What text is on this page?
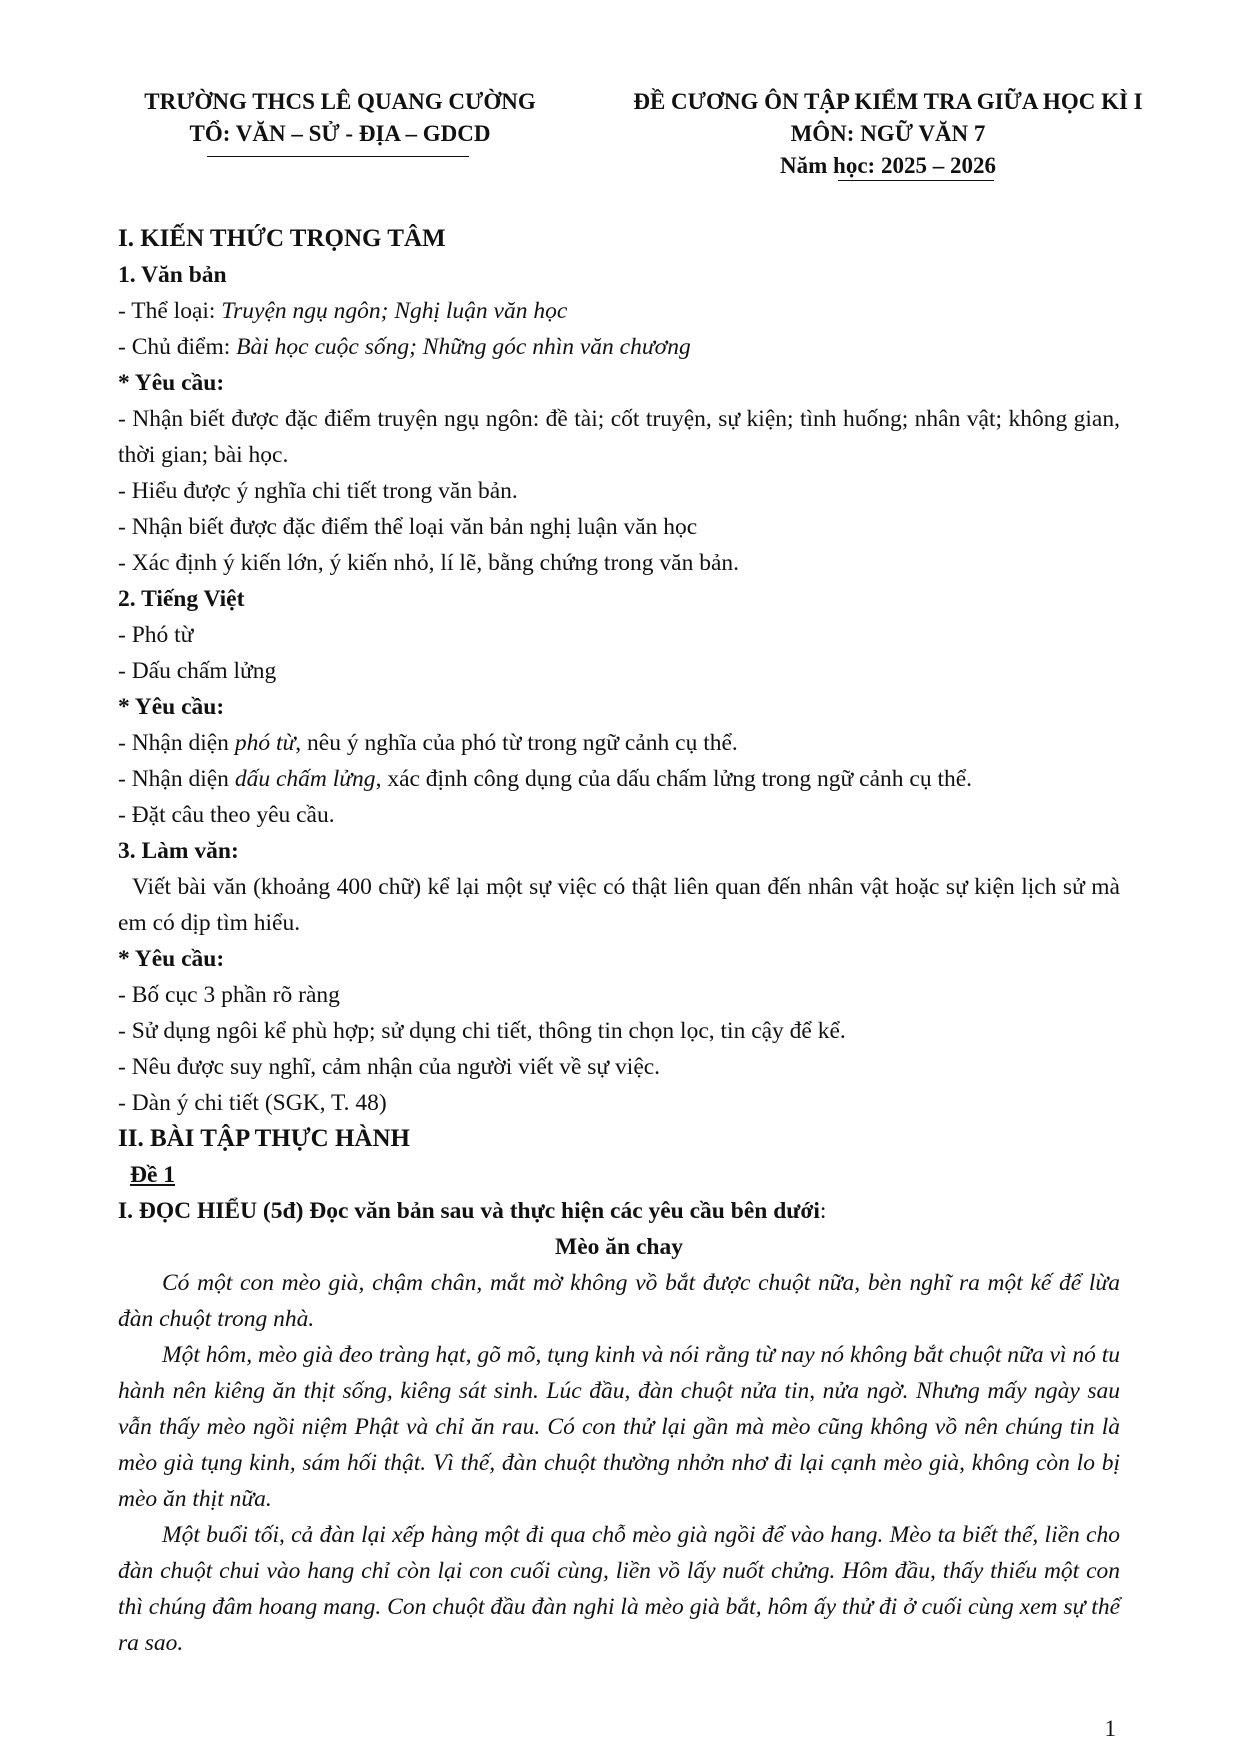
TRƯỜNG THCS LÊ QUANG CƯỜNG
TỔ: VĂN – SỬ - ĐỊA – GDCD
ĐỀ CƯƠNG ÔN TẬP KIỂM TRA GIỮA HỌC KÌ I
MÔN: NGỮ VĂN 7
Năm học: 2025 – 2026
I. KIẾN THỨC TRỌNG TÂM
1. Văn bản
- Thể loại: Truyện ngụ ngôn; Nghị luận văn học
- Chủ điểm: Bài học cuộc sống; Những góc nhìn văn chương
* Yêu cầu:
- Nhận biết được đặc điểm truyện ngụ ngôn: đề tài; cốt truyện, sự kiện; tình huống; nhân vật; không gian, thời gian; bài học.
- Hiểu được ý nghĩa chi tiết trong văn bản.
- Nhận biết được đặc điểm thể loại văn bản nghị luận văn học
- Xác định ý kiến lớn, ý kiến nhỏ, lí lẽ, bằng chứng trong văn bản.
2. Tiếng Việt
- Phó từ
- Dấu chấm lửng
* Yêu cầu:
- Nhận diện phó từ, nêu ý nghĩa của phó từ trong ngữ cảnh cụ thể.
- Nhận diện dấu chấm lửng, xác định công dụng của dấu chấm lửng trong ngữ cảnh cụ thể.
- Đặt câu theo yêu cầu.
3. Làm văn:
Viết bài văn (khoảng 400 chữ) kể lại một sự việc có thật liên quan đến nhân vật hoặc sự kiện lịch sử mà em có dịp tìm hiểu.
* Yêu cầu:
- Bố cục 3 phần rõ ràng
- Sử dụng ngôi kể phù hợp; sử dụng chi tiết, thông tin chọn lọc, tin cậy để kể.
- Nêu được suy nghĩ, cảm nhận của người viết về sự việc.
- Dàn ý chi tiết (SGK, T. 48)
II. BÀI TẬP THỰC HÀNH
Đề 1
I. ĐỌC HIỂU (5đ) Đọc văn bản sau và thực hiện các yêu cầu bên dưới:
Mèo ăn chay
Có một con mèo già, chậm chân, mắt mờ không vồ bắt được chuột nữa, bèn nghĩ ra một kế để lừa đàn chuột trong nhà.
Một hôm, mèo già đeo tràng hạt, gõ mõ, tụng kinh và nói rằng từ nay nó không bắt chuột nữa vì nó tu hành nên kiêng ăn thịt sống, kiêng sát sinh. Lúc đầu, đàn chuột nửa tin, nửa ngờ. Nhưng mấy ngày sau vẫn thấy mèo ngồi niệm Phật và chỉ ăn rau. Có con thử lại gần mà mèo cũng không vồ nên chúng tin là mèo già tụng kinh, sám hối thật. Vì thế, đàn chuột thường nhởn nhơ đi lại cạnh mèo già, không còn lo bị mèo ăn thịt nữa.
Một buổi tối, cả đàn lại xếp hàng một đi qua chỗ mèo già ngồi để vào hang. Mèo ta biết thế, liền cho đàn chuột chui vào hang chỉ còn lại con cuối cùng, liền vồ lấy nuốt chửng. Hôm đầu, thấy thiếu một con thì chúng đâm hoang mang. Con chuột đầu đàn nghi là mèo già bắt, hôm ấy thử đi ở cuối cùng xem sự thể ra sao.
1
